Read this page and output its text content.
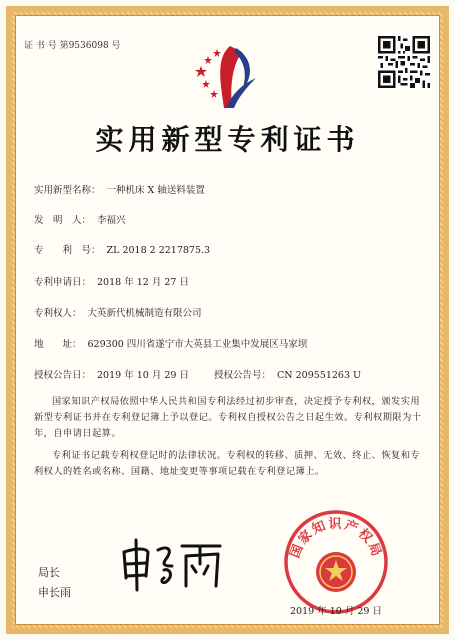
证 书 号 第9536098 号
实用新型专利证书
实用新型名称： 一种机床 X 轴送料装置
发　明　人： 李福兴
专　　利　号： ZL 2018 2 2217875.3
专利申请日： 2018 年 12 月 27 日
专利权人： 大英新代机械制造有限公司
地　　址： 629300 四川省遂宁市大英县工业集中发展区马家坝
授权公告日： 2019 年 10 月 29 日	授权公告号： CN 209551263 U
国家知识产权局依照中华人民共和国专利法经过初步审查，决定授予专利权，颁发实用新型专利证书并在专利登记簿上予以登记。专利权自授权公告之日起生效。专利权期限为十年，自申请日起算。
专利证书记载专利权登记时的法律状况。专利权的转移、质押、无效、终止、恢复和专利权人的姓名或名称、国籍、地址变更等事项记载在专利登记簿上。
局长
申长雨
国家知识产权局
2019 年 10 月 29 日
